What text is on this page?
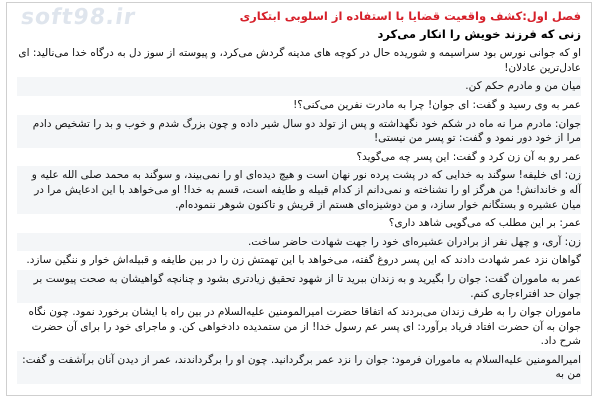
soft98.ir	فصل اول:کشف واقعیت قضایا با استفاده از اسلوبی ابتکاری
زنی که فرزند خویش را انکار می‌کرد

او که جوانی نورس بود سراسیمه و شوریده حال در کوچه های مدینه گردش می‌کرد، و پیوسته از سوز دل به درگاه خدا می‌نالید: ای عادل‌ترین عادلان!

میان من و مادرم حکم کن.

عمر به وی رسید و گفت: ای جوان! چرا به مادرت نفرین می‌کنی؟!

جوان: مادرم مرا نه ماه در شکم خود نگهداشته و پس از تولد دو سال شیر داده و چون بزرگ شدم و خوب و بد را تشخیص دادم مرا از خود دور نمود و گفت: تو پسر من نیستی!

عمر رو به آن زن کرد و گفت: این پسر چه می‌گوید؟

زن: ای خلیفه! سوگند به خدایی که در پشت پرده نور نهان است و هیچ دیده‌ای او را نمی‌بیند، و سوگند به محمد صلی الله علیه و آله و خاندانش! من هرگز او را نشناخته و نمی‌دانم از کدام قبیله و طایفه است، قسم به خدا! او می‌خواهد با این ادعایش مرا در میان عشیره و بستگانم خوار سازد، و من دوشیزه‌ای هستم از قریش و تاکنون شوهر ننموده‌ام.

عمر: بر این مطلب که می‌گویی شاهد داری؟

زن: آری، و چهل نفر از برادران عشیره‌ای خود را جهت شهادت حاضر ساخت.

گواهان نزد عمر شهادت دادند که این پسر دروغ گفته، می‌خواهد با این تهمتش زن را در بین طایفه و قبیله‌اش خوار و ننگین سازد.

عمر به ماموران گفت: جوان را بگیرید و به زندان ببرید تا از شهود تحقیق زیادتری بشود و چنانچه گواهیشان به صحت پیوست بر جوان حد افتراءجاری کنم.

ماموران جوان را به طرف زندان می‌بردند که اتفاقا حضرت امیرالمومنین علیه‌السلام در بین راه با ایشان برخورد نمود. چون نگاه جوان به آن حضرت افتاد فریاد برآورد: ای پسر عم رسول خدا! از من ستمدیده دادخواهی کن. و ماجرای خود را برای آن حضرت شرح داد.

امیرالمومنین علیه‌السلام به ماموران فرمود: جوان را نزد عمر برگردانید. چون او را برگرداندند، عمر از دیدن آنان برآشفت و گفت: من به
